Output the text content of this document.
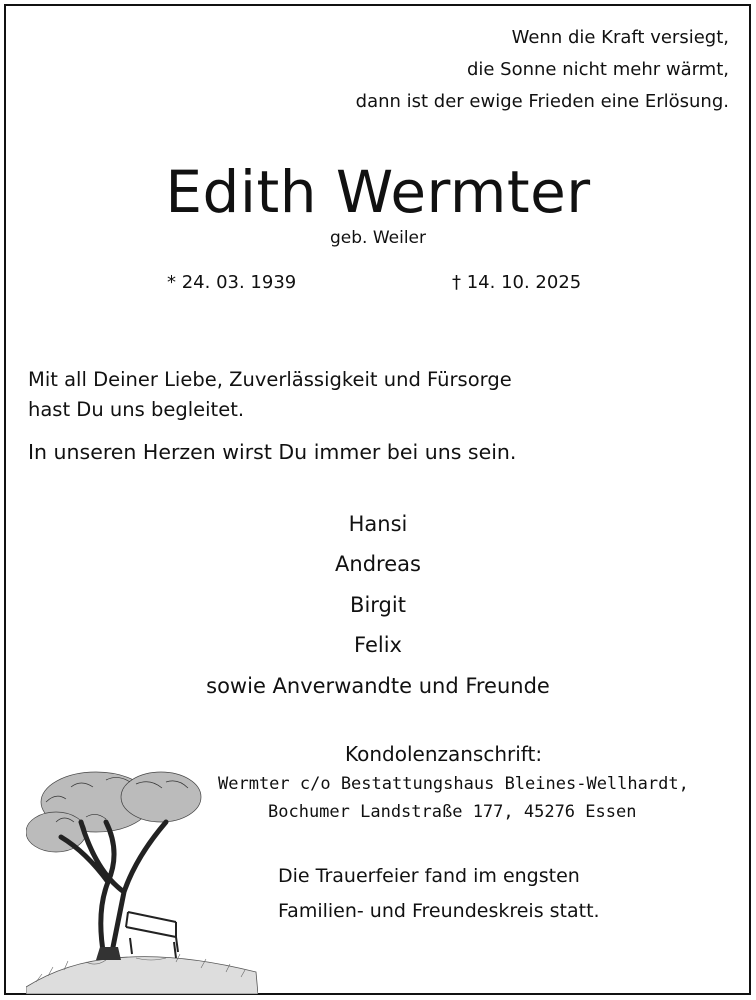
Wenn die Kraft versiegt,
die Sonne nicht mehr wärmt,
dann ist der ewige Frieden eine Erlösung.
Edith Wermter
geb. Weiler
* 24. 03. 1939	† 14. 10. 2025
Mit all Deiner Liebe, Zuverlässigkeit und Fürsorge
hast Du uns begleitet.
In unseren Herzen wirst Du immer bei uns sein.
Hansi
Andreas
Birgit
Felix
sowie Anverwandte und Freunde
Kondolenzanschrift:
Wermter c/o Bestattungshaus Bleines-Wellhardt,
Bochumer Landstraße 177, 45276 Essen
Die Trauerfeier fand im engsten
Familien- und Freundeskreis statt.
